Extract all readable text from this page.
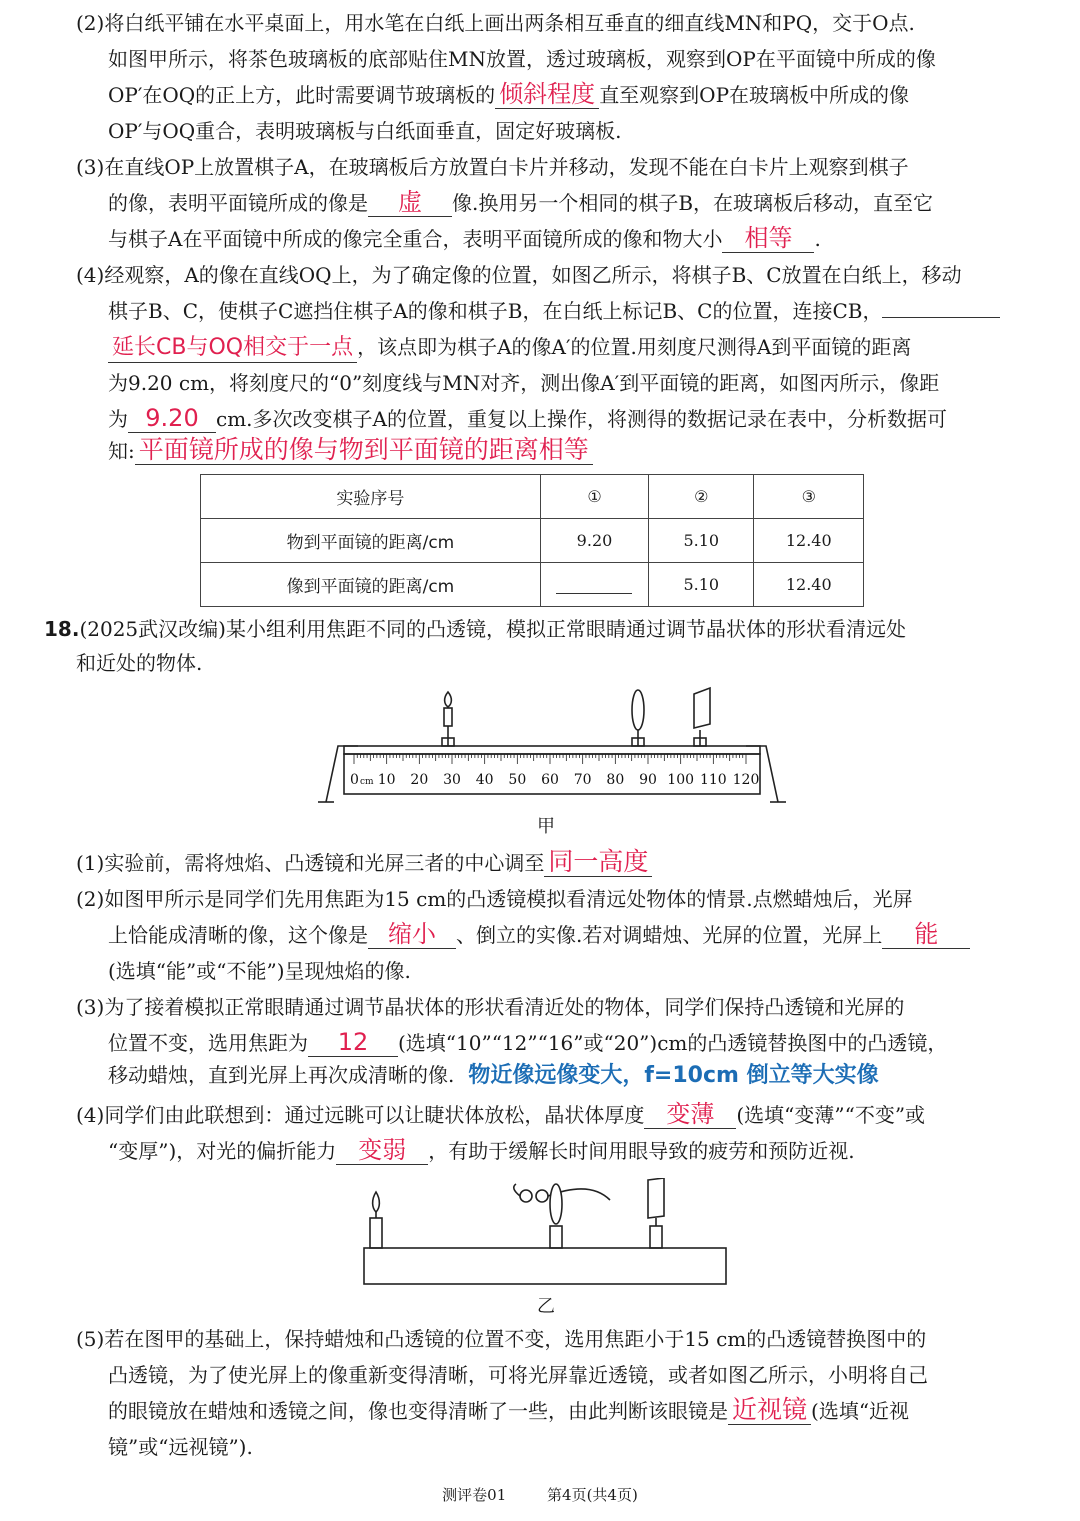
(2)将白纸平铺在水平桌面上，用水笔在白纸上画出两条相互垂直的细直线MN和PQ，交于O点.
如图甲所示，将茶色玻璃板的底部贴住MN放置，透过玻璃板，观察到OP在平面镜中所成的像
OP′在OQ的正上方，此时需要调节玻璃板的 倾斜程度 直至观察到OP在玻璃板中所成的像
OP′与OQ重合，表明玻璃板与白纸面垂直，固定好玻璃板.
(3)在直线OP上放置棋子A，在玻璃板后方放置白卡片并移动，发现不能在白卡片上观察到棋子
的像，表明平面镜所成的像是 虚 像.换用另一个相同的棋子B，在玻璃板后移动，直至它
与棋子A在平面镜中所成的像完全重合，表明平面镜所成的像和物大小 相等 .
(4)经观察，A的像在直线OQ上，为了确定像的位置，如图乙所示，将棋子B、C放置在白纸上，移动
棋子B、C，使棋子C遮挡住棋子A的像和棋子B，在白纸上标记B、C的位置，连接CB，
延长CB与OQ相交于一点 ，该点即为棋子A的像A′的位置.用刻度尺测得A到平面镜的距离
为9.20 cm，将刻度尺的“0”刻度线与MN对齐，测出像A′到平面镜的距离，如图丙所示，像距
为 9.20 cm.多次改变棋子A的位置，重复以上操作，将测得的数据记录在表中，分析数据可
知: 平面镜所成的像与物到平面镜的距离相等
实验序号	①	②	③
物到平面镜的距离/cm	9.20	5.10	12.40
像到平面镜的距离/cm		5.10	12.40
18.(2025武汉改编)某小组利用焦距不同的凸透镜，模拟正常眼睛通过调节晶状体的形状看清远处
和近处的物体.
0 10 20 30 40 50 60 70 80 90 100 110 120
cm
甲
(1)实验前，需将烛焰、凸透镜和光屏三者的中心调至 同一高度
(2)如图甲所示是同学们先用焦距为15 cm的凸透镜模拟看清远处物体的情景.点燃蜡烛后，光屏
上恰能成清晰的像，这个像是 缩小 、倒立的实像.若对调蜡烛、光屏的位置，光屏上 能
(选填“能”或“不能”)呈现烛焰的像.
(3)为了接着模拟正常眼睛通过调节晶状体的形状看清近处的物体，同学们保持凸透镜和光屏的
位置不变，选用焦距为 12 (选填“10”“12”“16”或“20”)cm的凸透镜替换图中的凸透镜，
移动蜡烛，直到光屏上再次成清晰的像. 物近像远像变大，f=10cm 倒立等大实像
(4)同学们由此联想到：通过远眺可以让睫状体放松，晶状体厚度 变薄 (选填“变薄”“不变”或
“变厚”)，对光的偏折能力 变弱 ，有助于缓解长时间用眼导致的疲劳和预防近视.
乙
(5)若在图甲的基础上，保持蜡烛和凸透镜的位置不变，选用焦距小于15 cm的凸透镜替换图中的
凸透镜，为了使光屏上的像重新变得清晰，可将光屏靠近透镜，或者如图乙所示，小明将自己
的眼镜放在蜡烛和透镜之间，像也变得清晰了一些，由此判断该眼镜是 近视镜 (选填“近视
镜”或“远视镜”).
测评卷01	第4页(共4页)
